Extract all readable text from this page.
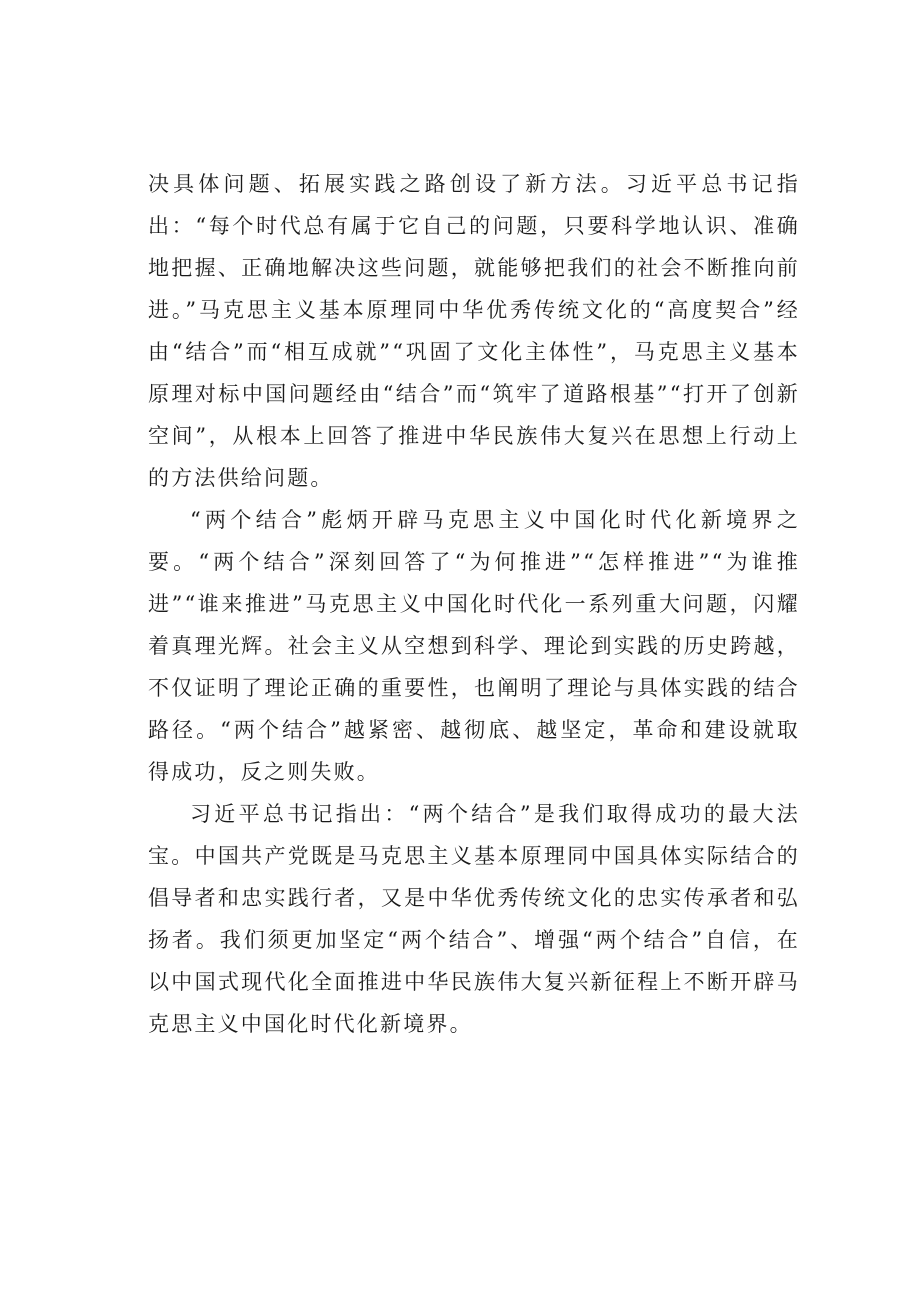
决具体问题、拓展实践之路创设了新方法。习近平总书记指出：“每个时代总有属于它自己的问题，只要科学地认识、准确地把握、正确地解决这些问题，就能够把我们的社会不断推向前进。”马克思主义基本原理同中华优秀传统文化的“高度契合”经由“结合”而“相互成就”“巩固了文化主体性”，马克思主义基本原理对标中国问题经由“结合”而“筑牢了道路根基”“打开了创新空间”，从根本上回答了推进中华民族伟大复兴在思想上行动上的方法供给问题。

“两个结合”彪炳开辟马克思主义中国化时代化新境界之要。“两个结合”深刻回答了“为何推进”“怎样推进”“为谁推进”“谁来推进”马克思主义中国化时代化一系列重大问题，闪耀着真理光辉。社会主义从空想到科学、理论到实践的历史跨越，不仅证明了理论正确的重要性，也阐明了理论与具体实践的结合路径。“两个结合”越紧密、越彻底、越坚定，革命和建设就取得成功，反之则失败。

习近平总书记指出：“两个结合”是我们取得成功的最大法宝。中国共产党既是马克思主义基本原理同中国具体实际结合的倡导者和忠实践行者，又是中华优秀传统文化的忠实传承者和弘扬者。我们须更加坚定“两个结合”、增强“两个结合”自信，在以中国式现代化全面推进中华民族伟大复兴新征程上不断开辟马克思主义中国化时代化新境界。
